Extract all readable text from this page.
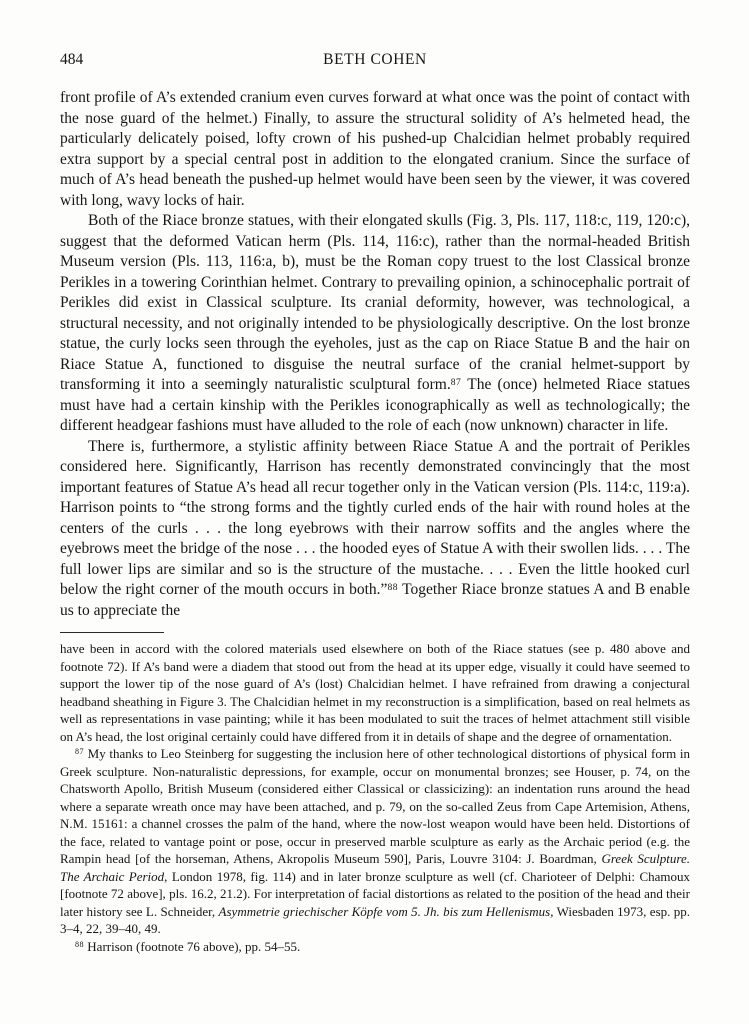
484	BETH COHEN

front profile of A’s extended cranium even curves forward at what once was the point of contact with the nose guard of the helmet.) Finally, to assure the structural solidity of A’s helmeted head, the particularly delicately poised, lofty crown of his pushed-up Chalcidian helmet probably required extra support by a special central post in addition to the elongated cranium. Since the surface of much of A’s head beneath the pushed-up helmet would have been seen by the viewer, it was covered with long, wavy locks of hair.

Both of the Riace bronze statues, with their elongated skulls (Fig. 3, Pls. 117, 118:c, 119, 120:c), suggest that the deformed Vatican herm (Pls. 114, 116:c), rather than the normal-headed British Museum version (Pls. 113, 116:a, b), must be the Roman copy truest to the lost Classical bronze Perikles in a towering Corinthian helmet. Contrary to prevailing opinion, a schinocephalic portrait of Perikles did exist in Classical sculpture. Its cranial deformity, however, was technological, a structural necessity, and not originally intended to be physiologically descriptive. On the lost bronze statue, the curly locks seen through the eyeholes, just as the cap on Riace Statue B and the hair on Riace Statue A, functioned to disguise the neutral surface of the cranial helmet-support by transforming it into a seemingly naturalistic sculptural form.$^{87}$ The (once) helmeted Riace statues must have had a certain kinship with the Perikles iconographically as well as technologically; the different headgear fashions must have alluded to the role of each (now unknown) character in life.

There is, furthermore, a stylistic affinity between Riace Statue A and the portrait of Perikles considered here. Significantly, Harrison has recently demonstrated convincingly that the most important features of Statue A’s head all recur together only in the Vatican version (Pls. 114:c, 119:a). Harrison points to “the strong forms and the tightly curled ends of the hair with round holes at the centers of the curls . . . the long eyebrows with their narrow soffits and the angles where the eyebrows meet the bridge of the nose . . . the hooded eyes of Statue A with their swollen lids. . . . The full lower lips are similar and so is the structure of the mustache. . . . Even the little hooked curl below the right corner of the mouth occurs in both.”$^{88}$ Together Riace bronze statues A and B enable us to appreciate the

have been in accord with the colored materials used elsewhere on both of the Riace statues (see p. 480 above and footnote 72). If A’s band were a diadem that stood out from the head at its upper edge, visually it could have seemed to support the lower tip of the nose guard of A’s (lost) Chalcidian helmet. I have refrained from drawing a conjectural headband sheathing in Figure 3. The Chalcidian helmet in my reconstruction is a simplification, based on real helmets as well as representations in vase painting; while it has been modulated to suit the traces of helmet attachment still visible on A’s head, the lost original certainly could have differed from it in details of shape and the degree of ornamentation.

$^{87}$ My thanks to Leo Steinberg for suggesting the inclusion here of other technological distortions of physical form in Greek sculpture. Non-naturalistic depressions, for example, occur on monumental bronzes; see Houser, p. 74, on the Chatsworth Apollo, British Museum (considered either Classical or classicizing): an indentation runs around the head where a separate wreath once may have been attached, and p. 79, on the so-called Zeus from Cape Artemision, Athens, N.M. 15161: a channel crosses the palm of the hand, where the now-lost weapon would have been held. Distortions of the face, related to vantage point or pose, occur in preserved marble sculpture as early as the Archaic period (e.g. the Rampin head [of the horseman, Athens, Akropolis Museum 590], Paris, Louvre 3104: J. Boardman, Greek Sculpture. The Archaic Period, London 1978, fig. 114) and in later bronze sculpture as well (cf. Charioteer of Delphi: Chamoux [footnote 72 above], pls. 16.2, 21.2). For interpretation of facial distortions as related to the position of the head and their later history see L. Schneider, Asymmetrie griechischer Köpfe vom 5. Jh. bis zum Hellenismus, Wiesbaden 1973, esp. pp. 3–4, 22, 39–40, 49.

$^{88}$ Harrison (footnote 76 above), pp. 54–55.
